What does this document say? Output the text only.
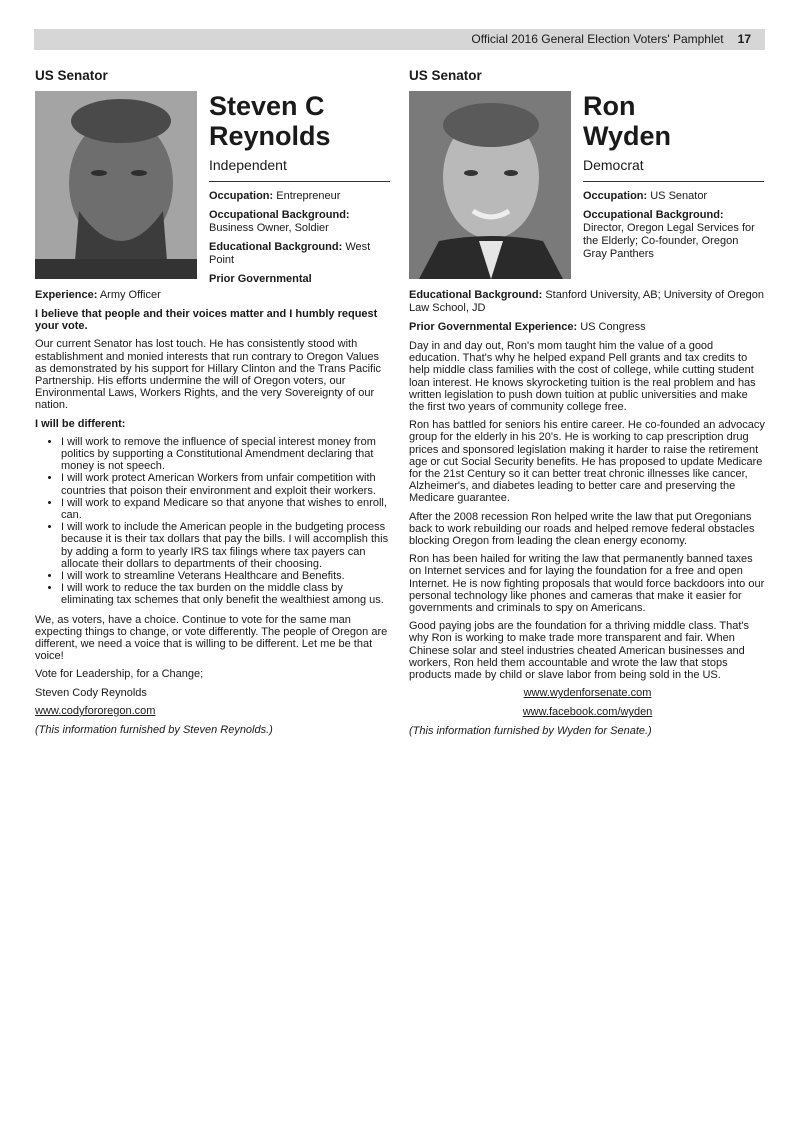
Official 2016 General Election Voters' Pamphlet 17
US Senator
Steven C
Reynolds
Independent

Occupation: Entrepreneur

Occupational Background:
Business Owner, Soldier

Educational Background: West Point

Prior Governmental

Experience: Army Officer

I believe that people and their voices matter and I humbly request your vote.

Our current Senator has lost touch. He has consistently stood with establishment and monied interests that run contrary to Oregon Values as demonstrated by his support for Hillary Clinton and the Trans Pacific Partnership. His efforts undermine the will of Oregon voters, our Environmental Laws, Workers Rights, and the very Sovereignty of our nation.

I will be different:

• I will work to remove the influence of special interest money from politics by supporting a Constitutional Amendment declaring that money is not speech.
• I will work protect American Workers from unfair competition with countries that poison their environment and exploit their workers.
• I will work to expand Medicare so that anyone that wishes to enroll, can.
• I will work to include the American people in the budgeting process because it is their tax dollars that pay the bills. I will accomplish this by adding a form to yearly IRS tax filings where tax payers can allocate their dollars to departments of their choosing.
• I will work to streamline Veterans Healthcare and Benefits.
• I will work to reduce the tax burden on the middle class by eliminating tax schemes that only benefit the wealthiest among us.

We, as voters, have a choice. Continue to vote for the same man expecting things to change, or vote differently. The people of Oregon are different, we need a voice that is willing to be different. Let me be that voice!

Vote for Leadership, for a Change;

Steven Cody Reynolds

www.codyfororegon.com

(This information furnished by Steven Reynolds.)

US Senator
Ron
Wyden
Democrat

Occupation: US Senator

Occupational Background:
Director, Oregon Legal Services for the Elderly; Co-founder, Oregon Gray Panthers

Educational Background: Stanford University, AB; University of Oregon Law School, JD

Prior Governmental Experience: US Congress

Day in and day out, Ron's mom taught him the value of a good education. That's why he helped expand Pell grants and tax credits to help middle class families with the cost of college, while cutting student loan interest. He knows skyrocketing tuition is the real problem and has written legislation to push down tuition at public universities and make the first two years of community college free.

Ron has battled for seniors his entire career. He co-founded an advocacy group for the elderly in his 20's. He is working to cap prescription drug prices and sponsored legislation making it harder to raise the retirement age or cut Social Security benefits. He has proposed to update Medicare for the 21st Century so it can better treat chronic illnesses like cancer, Alzheimer's, and diabetes leading to better care and preserving the Medicare guarantee.

After the 2008 recession Ron helped write the law that put Oregonians back to work rebuilding our roads and helped remove federal obstacles blocking Oregon from leading the clean energy economy.

Ron has been hailed for writing the law that permanently banned taxes on Internet services and for laying the foundation for a free and open Internet. He is now fighting proposals that would force backdoors into our personal technology like phones and cameras that make it easier for governments and criminals to spy on Americans.

Good paying jobs are the foundation for a thriving middle class. That's why Ron is working to make trade more transparent and fair. When Chinese solar and steel industries cheated American businesses and workers, Ron held them accountable and wrote the law that stops products made by child or slave labor from being sold in the US.

www.wydenforsenate.com

www.facebook.com/wyden

(This information furnished by Wyden for Senate.)
